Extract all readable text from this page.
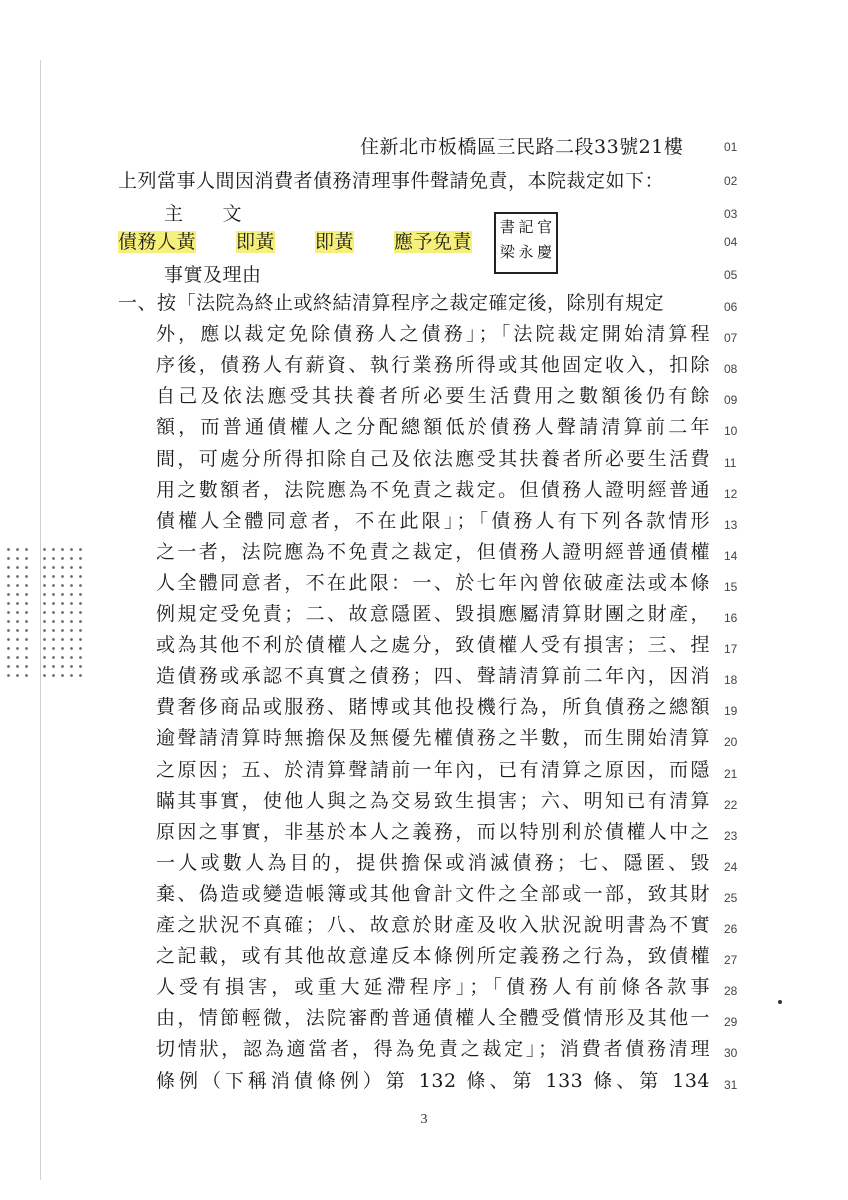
住新北市板橋區三民路二段33號21樓
上列當事人間因消費者債務清理事件聲請免責，本院裁定如下：
主　　文
債務人黃 即黃 即黃 應予免責
書 記 官
梁 永 慶
事實及理由
一、按「法院為終止或終結清算程序之裁定確定後，除別有規定
外，應以裁定免除債務人之債務」；「法院裁定開始清算程
序後，債務人有薪資、執行業務所得或其他固定收入，扣除
自己及依法應受其扶養者所必要生活費用之數額後仍有餘
額，而普通債權人之分配總額低於債務人聲請清算前二年
間，可處分所得扣除自己及依法應受其扶養者所必要生活費
用之數額者，法院應為不免責之裁定。但債務人證明經普通
債權人全體同意者，不在此限」；「債務人有下列各款情形
之一者，法院應為不免責之裁定，但債務人證明經普通債權
人全體同意者，不在此限：一、於七年內曾依破產法或本條
例規定受免責；二、故意隱匿、毀損應屬清算財團之財產，
或為其他不利於債權人之處分，致債權人受有損害；三、捏
造債務或承認不真實之債務；四、聲請清算前二年內，因消
費奢侈商品或服務、賭博或其他投機行為，所負債務之總額
逾聲請清算時無擔保及無優先權債務之半數，而生開始清算
之原因；五、於清算聲請前一年內，已有清算之原因，而隱
瞞其事實，使他人與之為交易致生損害；六、明知已有清算
原因之事實，非基於本人之義務，而以特別利於債權人中之
一人或數人為目的，提供擔保或消滅債務；七、隱匿、毀
棄、偽造或變造帳簿或其他會計文件之全部或一部，致其財
產之狀況不真確；八、故意於財產及收入狀況說明書為不實
之記載，或有其他故意違反本條例所定義務之行為，致債權
人受有損害，或重大延滯程序」；「債務人有前條各款事
由，情節輕微，法院審酌普通債權人全體受償情形及其他一
切情狀，認為適當者，得為免責之裁定」；消費者債務清理
條例（下稱消債條例）第 132 條、第 133 條、第 134
01
02
03
04
05
06
07
08
09
10
11
12
13
14
15
16
17
18
19
20
21
22
23
24
25
26
27
28
29
30
31
3
